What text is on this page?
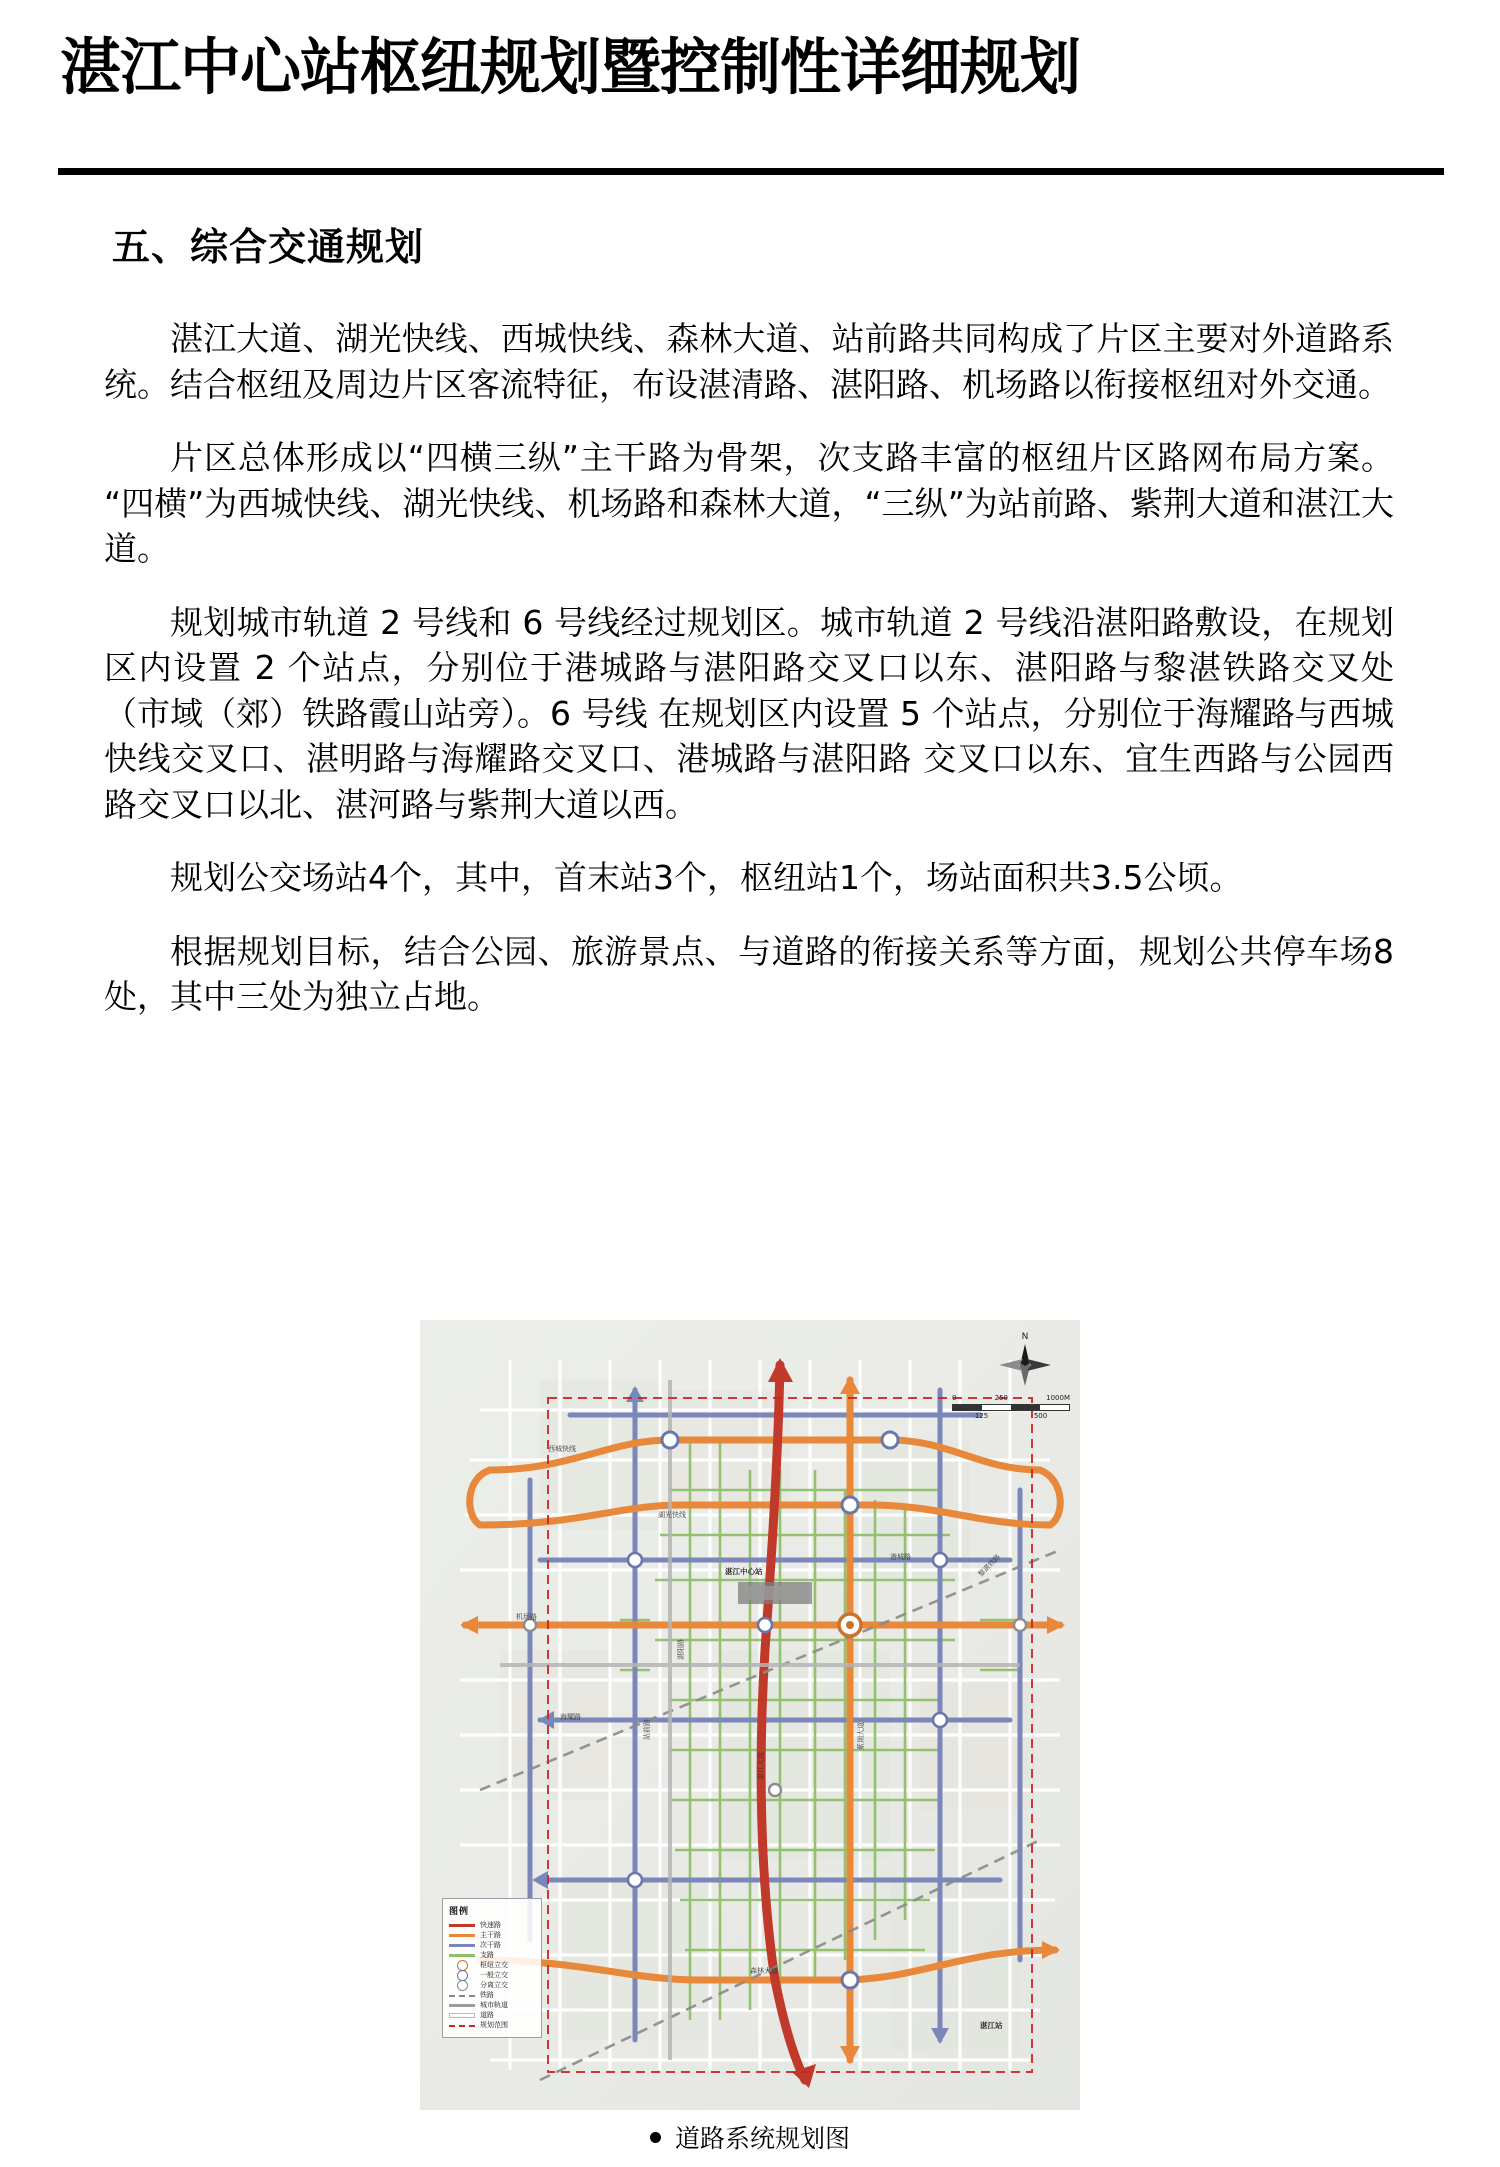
湛江中心站枢纽规划暨控制性详细规划
五、综合交通规划

湛江大道、湖光快线、西城快线、森林大道、站前路共同构成了片区主要对外道路系统。结合枢纽及周边片区客流特征，布设湛清路、湛阳路、机场路以衔接枢纽对外交通。

片区总体形成以“四横三纵”主干路为骨架，次支路丰富的枢纽片区路网布局方案。“四横”为西城快线、湖光快线、机场路和森林大道，“三纵”为站前路、紫荆大道和湛江大道。

规划城市轨道 2 号线和 6 号线经过规划区。城市轨道 2 号线沿湛阳路敷设，在规划区内设置 2 个站点，分别位于港城路与湛阳路交叉口以东、湛阳路与黎湛铁路交叉处（市域（郊）铁路霞山站旁）。6 号线 在规划区内设置 5 个站点，分别位于海耀路与西城快线交叉口、湛明路与海耀路交叉口、港城路与湛阳路 交叉口以东、宜生西路与公园西路交叉口以北、湛河路与紫荆大道以西。

规划公交场站4个，其中，首末站3个，枢纽站1个，场站面积共3.5公顷。

根据规划目标，结合公园、旅游景点、与道路的衔接关系等方面，规划公共停车场8处，其中三处为独立占地。

西城快线
湖光快线
湛江中心站
湛江大道
森林大道
站前路	紫荆大道
机场路
湛阳路
港城路
海耀路
黎湛铁路
湛江站
N
0	250	1000M
125	500
图例
快速路
主干路
次干路
支路
枢纽立交
一般立交
分离立交
铁路
城市轨道
道路
规划范围
道路系统规划图
